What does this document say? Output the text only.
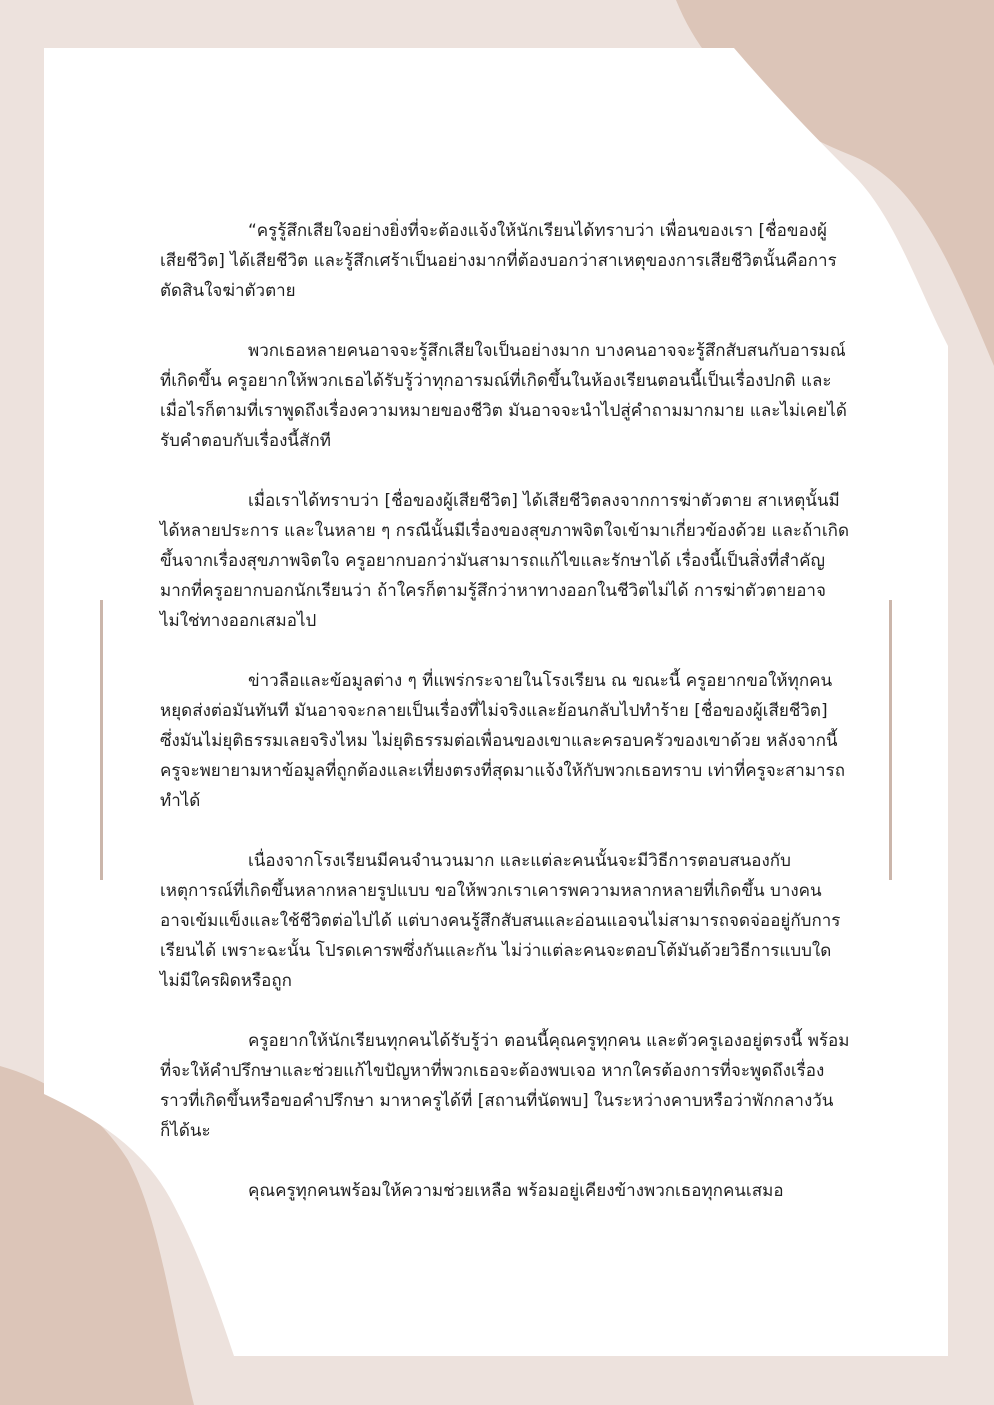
“ครูรู้สึกเสียใจอย่างยิ่งที่จะต้องแจ้งให้นักเรียนได้ทราบว่า เพื่อนของเรา [ชื่อของผู้เสียชีวิต] ได้เสียชีวิต และรู้สึกเศร้าเป็นอย่างมากที่ต้องบอกว่าสาเหตุของการเสียชีวิตนั้นคือการตัดสินใจฆ่าตัวตาย

พวกเธอหลายคนอาจจะรู้สึกเสียใจเป็นอย่างมาก บางคนอาจจะรู้สึกสับสนกับอารมณ์ที่เกิดขึ้น ครูอยากให้พวกเธอได้รับรู้ว่าทุกอารมณ์ที่เกิดขึ้นในห้องเรียนตอนนี้เป็นเรื่องปกติ และเมื่อไรก็ตามที่เราพูดถึงเรื่องความหมายของชีวิต มันอาจจะนำไปสู่คำถามมากมาย และไม่เคยได้รับคำตอบกับเรื่องนี้สักที

เมื่อเราได้ทราบว่า [ชื่อของผู้เสียชีวิต] ได้เสียชีวิตลงจากการฆ่าตัวตาย สาเหตุนั้นมีได้หลายประการ และในหลาย ๆ กรณีนั้นมีเรื่องของสุขภาพจิตใจเข้ามาเกี่ยวข้องด้วย และถ้าเกิดขึ้นจากเรื่องสุขภาพจิตใจ ครูอยากบอกว่ามันสามารถแก้ไขและรักษาได้ เรื่องนี้เป็นสิ่งที่สำคัญมากที่ครูอยากบอกนักเรียนว่า ถ้าใครก็ตามรู้สึกว่าหาทางออกในชีวิตไม่ได้ การฆ่าตัวตายอาจไม่ใช่ทางออกเสมอไป

ข่าวลือและข้อมูลต่าง ๆ ที่แพร่กระจายในโรงเรียน ณ ขณะนี้ ครูอยากขอให้ทุกคนหยุดส่งต่อมันทันที มันอาจจะกลายเป็นเรื่องที่ไม่จริงและย้อนกลับไปทำร้าย [ชื่อของผู้เสียชีวิต] ซึ่งมันไม่ยุติธรรมเลยจริงไหม ไม่ยุติธรรมต่อเพื่อนของเขาและครอบครัวของเขาด้วย หลังจากนี้ครูจะพยายามหาข้อมูลที่ถูกต้องและเที่ยงตรงที่สุดมาแจ้งให้กับพวกเธอทราบ เท่าที่ครูจะสามารถทำได้

เนื่องจากโรงเรียนมีคนจำนวนมาก และแต่ละคนนั้นจะมีวิธีการตอบสนองกับเหตุการณ์ที่เกิดขึ้นหลากหลายรูปแบบ ขอให้พวกเราเคารพความหลากหลายที่เกิดขึ้น บางคนอาจเข้มแข็งและใช้ชีวิตต่อไปได้ แต่บางคนรู้สึกสับสนและอ่อนแอจนไม่สามารถจดจ่ออยู่กับการเรียนได้ เพราะฉะนั้น โปรดเคารพซึ่งกันและกัน ไม่ว่าแต่ละคนจะตอบโต้มันด้วยวิธีการแบบใด ไม่มีใครผิดหรือถูก

ครูอยากให้นักเรียนทุกคนได้รับรู้ว่า ตอนนี้คุณครูทุกคน และตัวครูเองอยู่ตรงนี้ พร้อมที่จะให้คำปรึกษาและช่วยแก้ไขปัญหาที่พวกเธอจะต้องพบเจอ หากใครต้องการที่จะพูดถึงเรื่องราวที่เกิดขึ้นหรือขอคำปรึกษา มาหาครูได้ที่ [สถานที่นัดพบ] ในระหว่างคาบหรือว่าพักกลางวันก็ได้นะ

คุณครูทุกคนพร้อมให้ความช่วยเหลือ พร้อมอยู่เคียงข้างพวกเธอทุกคนเสมอ
